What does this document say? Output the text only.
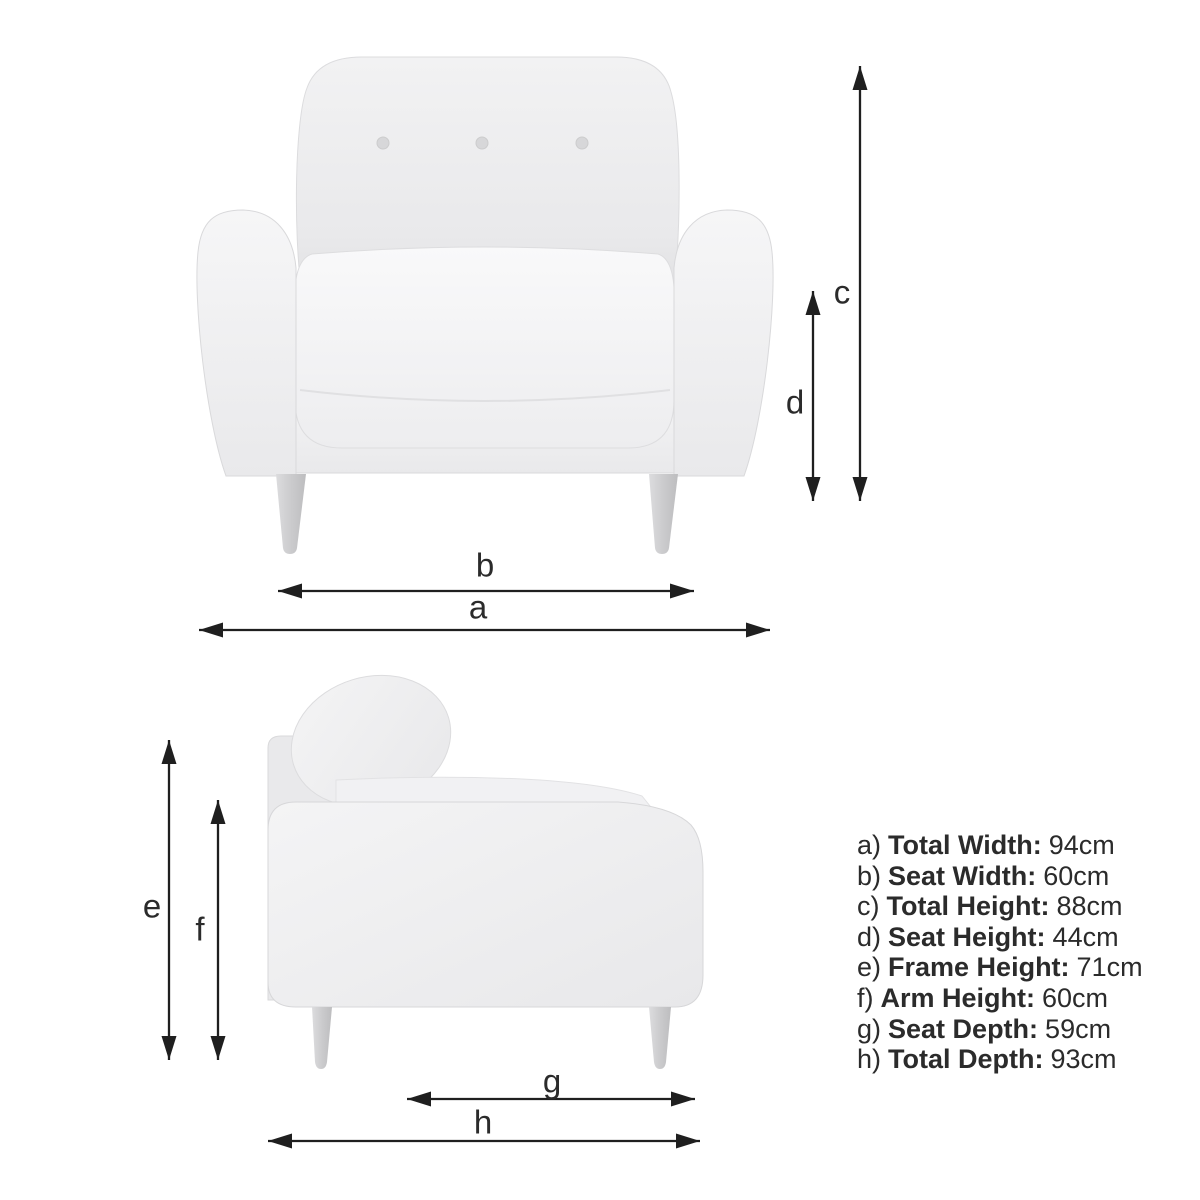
a
b
c
d
e
f
g
h
a) Total Width: 94cm
b) Seat Width: 60cm
c) Total Height: 88cm
d) Seat Height: 44cm
e) Frame Height: 71cm
f) Arm Height: 60cm
g) Seat Depth: 59cm
h) Total Depth: 93cm
